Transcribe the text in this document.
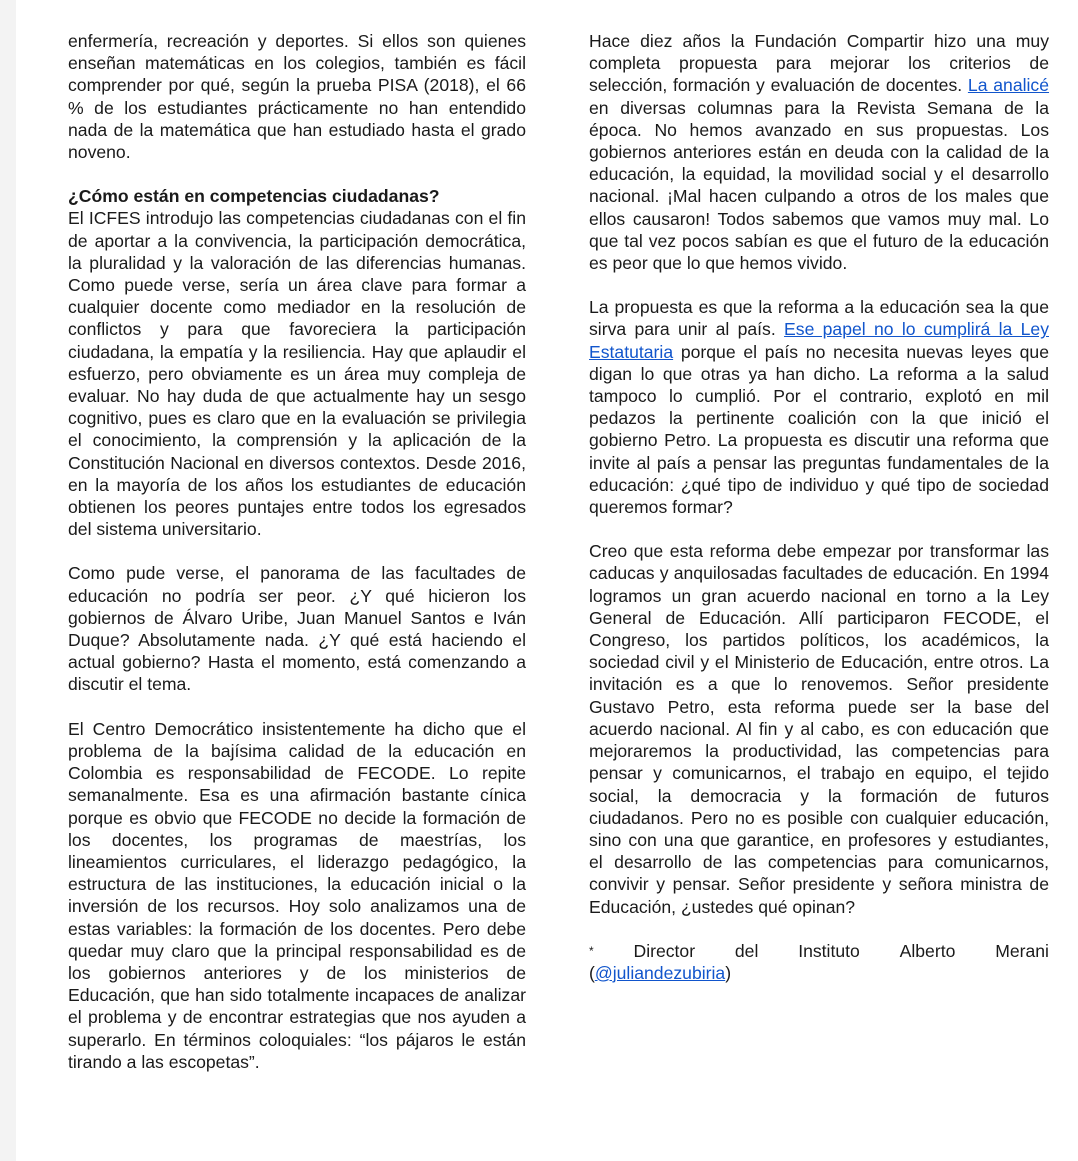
enfermería, recreación y deportes. Si ellos son quienes enseñan matemáticas en los colegios, también es fácil comprender por qué, según la prueba PISA (2018), el 66 % de los estudiantes prácticamente no han entendido nada de la matemática que han estudiado hasta el grado noveno.

¿Cómo están en competencias ciudadanas?

El ICFES introdujo las competencias ciudadanas con el fin de aportar a la convivencia, la participación democrática, la pluralidad y la valoración de las diferencias humanas. Como puede verse, sería un área clave para formar a cualquier docente como mediador en la resolución de conflictos y para que favoreciera la participación ciudadana, la empatía y la resiliencia. Hay que aplaudir el esfuerzo, pero obviamente es un área muy compleja de evaluar. No hay duda de que actualmente hay un sesgo cognitivo, pues es claro que en la evaluación se privilegia el conocimiento, la comprensión y la aplicación de la Constitución Nacional en diversos contextos. Desde 2016, en la mayoría de los años los estudiantes de educación obtienen los peores puntajes entre todos los egresados del sistema universitario.

Como pude verse, el panorama de las facultades de educación no podría ser peor. ¿Y qué hicieron los gobiernos de Álvaro Uribe, Juan Manuel Santos e Iván Duque? Absolutamente nada. ¿Y qué está haciendo el actual gobierno? Hasta el momento, está comenzando a discutir el tema.

El Centro Democrático insistentemente ha dicho que el problema de la bajísima calidad de la educación en Colombia es responsabilidad de FECODE. Lo repite semanalmente. Esa es una afirmación bastante cínica porque es obvio que FECODE no decide la formación de los docentes, los programas de maestrías, los lineamientos curriculares, el liderazgo pedagógico, la estructura de las instituciones, la educación inicial o la inversión de los recursos. Hoy solo analizamos una de estas variables: la formación de los docentes. Pero debe quedar muy claro que la principal responsabilidad es de los gobiernos anteriores y de los ministerios de Educación, que han sido totalmente incapaces de analizar el problema y de encontrar estrategias que nos ayuden a superarlo. En términos coloquiales: “los pájaros le están tirando a las escopetas”.

Hace diez años la Fundación Compartir hizo una muy completa propuesta para mejorar los criterios de selección, formación y evaluación de docentes. La analicé en diversas columnas para la Revista Semana de la época. No hemos avanzado en sus propuestas. Los gobiernos anteriores están en deuda con la calidad de la educación, la equidad, la movilidad social y el desarrollo nacional. ¡Mal hacen culpando a otros de los males que ellos causaron! Todos sabemos que vamos muy mal. Lo que tal vez pocos sabían es que el futuro de la educación es peor que lo que hemos vivido.

La propuesta es que la reforma a la educación sea la que sirva para unir al país. Ese papel no lo cumplirá la Ley Estatutaria porque el país no necesita nuevas leyes que digan lo que otras ya han dicho. La reforma a la salud tampoco lo cumplió. Por el contrario, explotó en mil pedazos la pertinente coalición con la que inició el gobierno Petro. La propuesta es discutir una reforma que invite al país a pensar las preguntas fundamentales de la educación: ¿qué tipo de individuo y qué tipo de sociedad queremos formar?

Creo que esta reforma debe empezar por transformar las caducas y anquilosadas facultades de educación. En 1994 logramos un gran acuerdo nacional en torno a la Ley General de Educación. Allí participaron FECODE, el Congreso, los partidos políticos, los académicos, la sociedad civil y el Ministerio de Educación, entre otros. La invitación es a que lo renovemos. Señor presidente Gustavo Petro, esta reforma puede ser la base del acuerdo nacional. Al fin y al cabo, es con educación que mejoraremos la productividad, las competencias para pensar y comunicarnos, el trabajo en equipo, el tejido social, la democracia y la formación de futuros ciudadanos. Pero no es posible con cualquier educación, sino con una que garantice, en profesores y estudiantes, el desarrollo de las competencias para comunicarnos, convivir y pensar. Señor presidente y señora ministra de Educación, ¿ustedes qué opinan?

* Director del Instituto Alberto Merani
(@juliandezubiria)
